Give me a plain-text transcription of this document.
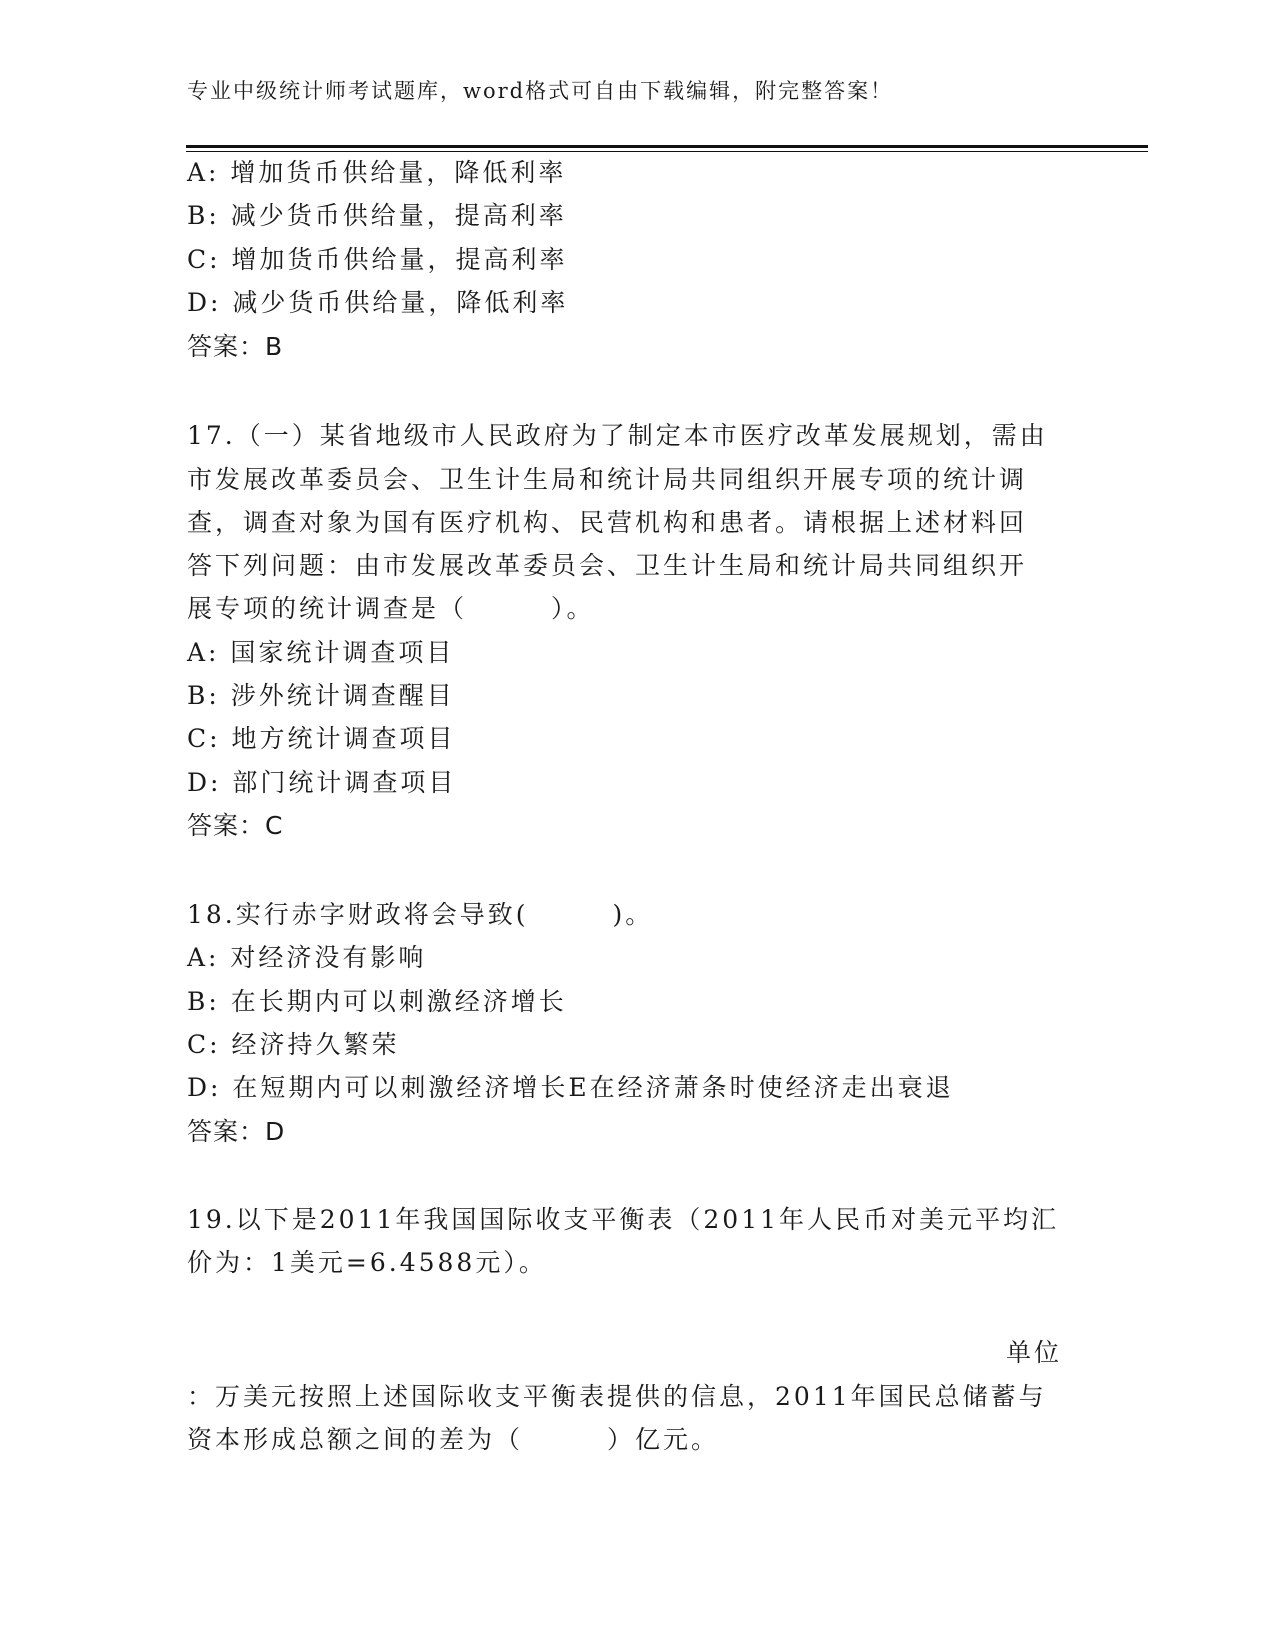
专业中级统计师考试题库，word格式可自由下载编辑，附完整答案！
A: 增加货币供给量，降低利率
B: 减少货币供给量，提高利率
C: 增加货币供给量，提高利率
D: 减少货币供给量，降低利率
答案：B
17.（一）某省地级市人民政府为了制定本市医疗改革发展规划，需由
市发展改革委员会、卫生计生局和统计局共同组织开展专项的统计调
查，调查对象为国有医疗机构、民营机构和患者。请根据上述材料回
答下列问题：由市发展改革委员会、卫生计生局和统计局共同组织开
展专项的统计调查是（　　　）。
A: 国家统计调查项目
B: 涉外统计调查醒目
C: 地方统计调查项目
D: 部门统计调查项目
答案：C
18.实行赤字财政将会导致(　　　)。
A: 对经济没有影响
B: 在长期内可以刺激经济增长
C: 经济持久繁荣
D: 在短期内可以刺激经济增长E在经济萧条时使经济走出衰退
答案：D
19.以下是2011年我国国际收支平衡表（2011年人民币对美元平均汇
价为：1美元=6.4588元）。
单位
：万美元按照上述国际收支平衡表提供的信息，2011年国民总储蓄与
资本形成总额之间的差为（　　　）亿元。
